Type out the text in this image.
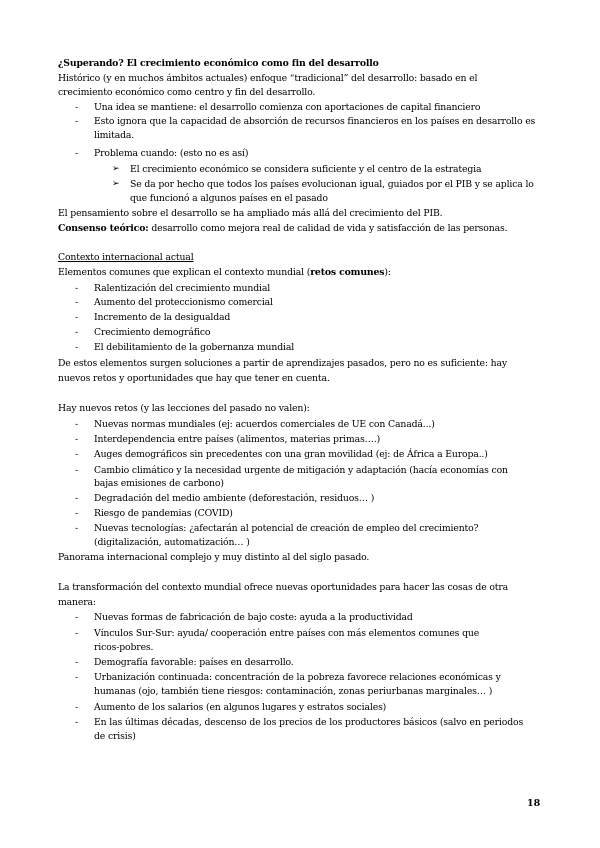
¿Superando? El crecimiento económico como fin del desarrollo
Histórico (y en muchos ámbitos actuales) enfoque “tradicional” del desarrollo: basado en el
crecimiento económico como centro y fin del desarrollo.
- Una idea se mantiene: el desarrollo comienza con aportaciones de capital financiero
- Esto ignora que la capacidad de absorción de recursos financieros en los países en desarrollo es
limitada.
- Problema cuando: (esto no es así)
➢ El crecimiento económico se considera suficiente y el centro de la estrategia
➢ Se da por hecho que todos los países evolucionan igual, guiados por el PIB y se aplica lo
que funcionó a algunos países en el pasado
El pensamiento sobre el desarrollo se ha ampliado más allá del crecimiento del PIB.
Consenso teórico: desarrollo como mejora real de calidad de vida y satisfacción de las personas.
Contexto internacional actual
Elementos comunes que explican el contexto mundial (retos comunes):
- Ralentización del crecimiento mundial
- Aumento del proteccionismo comercial
- Incremento de la desigualdad
- Crecimiento demográfico
- El debilitamiento de la gobernanza mundial
De estos elementos surgen soluciones a partir de aprendizajes pasados, pero no es suficiente: hay
nuevos retos y oportunidades que hay que tener en cuenta.
Hay nuevos retos (y las lecciones del pasado no valen):
- Nuevas normas mundiales (ej: acuerdos comerciales de UE con Canadá...)
- Interdependencia entre países (alimentos, materias primas….)
- Auges demográficos sin precedentes con una gran movilidad (ej: de África a Europa..)
- Cambio climático y la necesidad urgente de mitigación y adaptación (hacía economías con
bajas emisiones de carbono)
- Degradación del medio ambiente (deforestación, residuos… )
- Riesgo de pandemias (COVID)
- Nuevas tecnologías: ¿afectarán al potencial de creación de empleo del crecimiento?
(digitalización, automatización… )
Panorama internacional complejo y muy distinto al del siglo pasado.
La transformación del contexto mundial ofrece nuevas oportunidades para hacer las cosas de otra
manera:
- Nuevas formas de fabricación de bajo coste: ayuda a la productividad
- Vínculos Sur-Sur: ayuda/ cooperación entre países con más elementos comunes que
ricos-pobres.
- Demografía favorable: países en desarrollo.
- Urbanización continuada: concentración de la pobreza favorece relaciones económicas y
humanas (ojo, también tiene riesgos: contaminación, zonas periurbanas marginales… )
- Aumento de los salarios (en algunos lugares y estratos sociales)
- En las últimas décadas, descenso de los precios de los productores básicos (salvo en periodos
de crisis)
18
